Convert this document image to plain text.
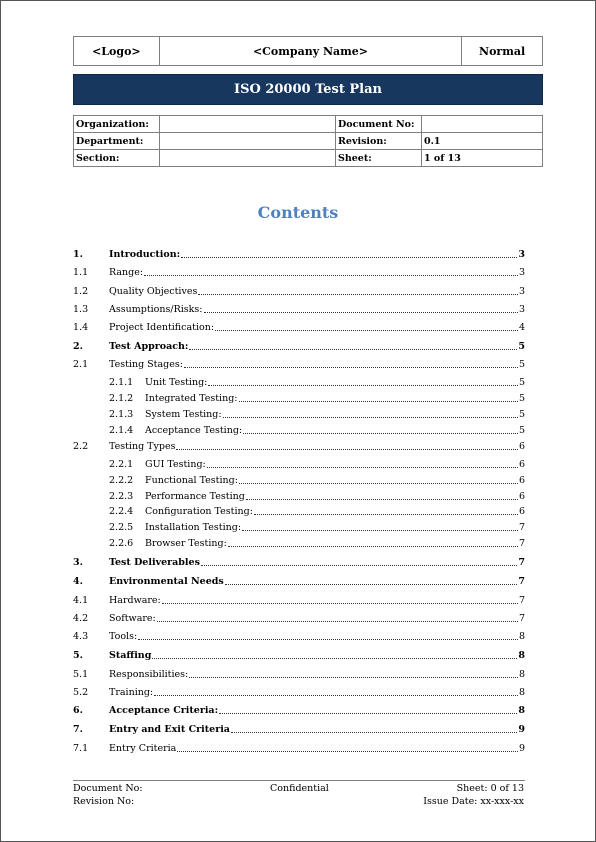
<Logo>	<Company Name>	Normal
ISO 20000 Test Plan
Organization:		Document No:	
Department:		Revision:	0.1
Section:		Sheet:	1 of 13
Contents
1.	Introduction:	3
1.1	Range:	3
1.2	Quality Objectives	3
1.3	Assumptions/Risks:	3
1.4	Project Identification:	4
2.	Test Approach:	5
2.1	Testing Stages:	5
2.1.1	Unit Testing:	5
2.1.2	Integrated Testing:	5
2.1.3	System Testing:	5
2.1.4	Acceptance Testing:	5
2.2	Testing Types	6
2.2.1	GUI Testing:	6
2.2.2	Functional Testing:	6
2.2.3	Performance Testing	6
2.2.4	Configuration Testing:	6
2.2.5	Installation Testing:	7
2.2.6	Browser Testing:	7
3.	Test Deliverables	7
4.	Environmental Needs	7
4.1	Hardware:	7
4.2	Software:	7
4.3	Tools:	8
5.	Staffing	8
5.1	Responsibilities:	8
5.2	Training:	8
6.	Acceptance Criteria:	8
7.	Entry and Exit Criteria	9
7.1	Entry Criteria	9
Document No:
Revision No:
Confidential	Sheet: 0 of 13
Issue Date: xx-xxx-xx
